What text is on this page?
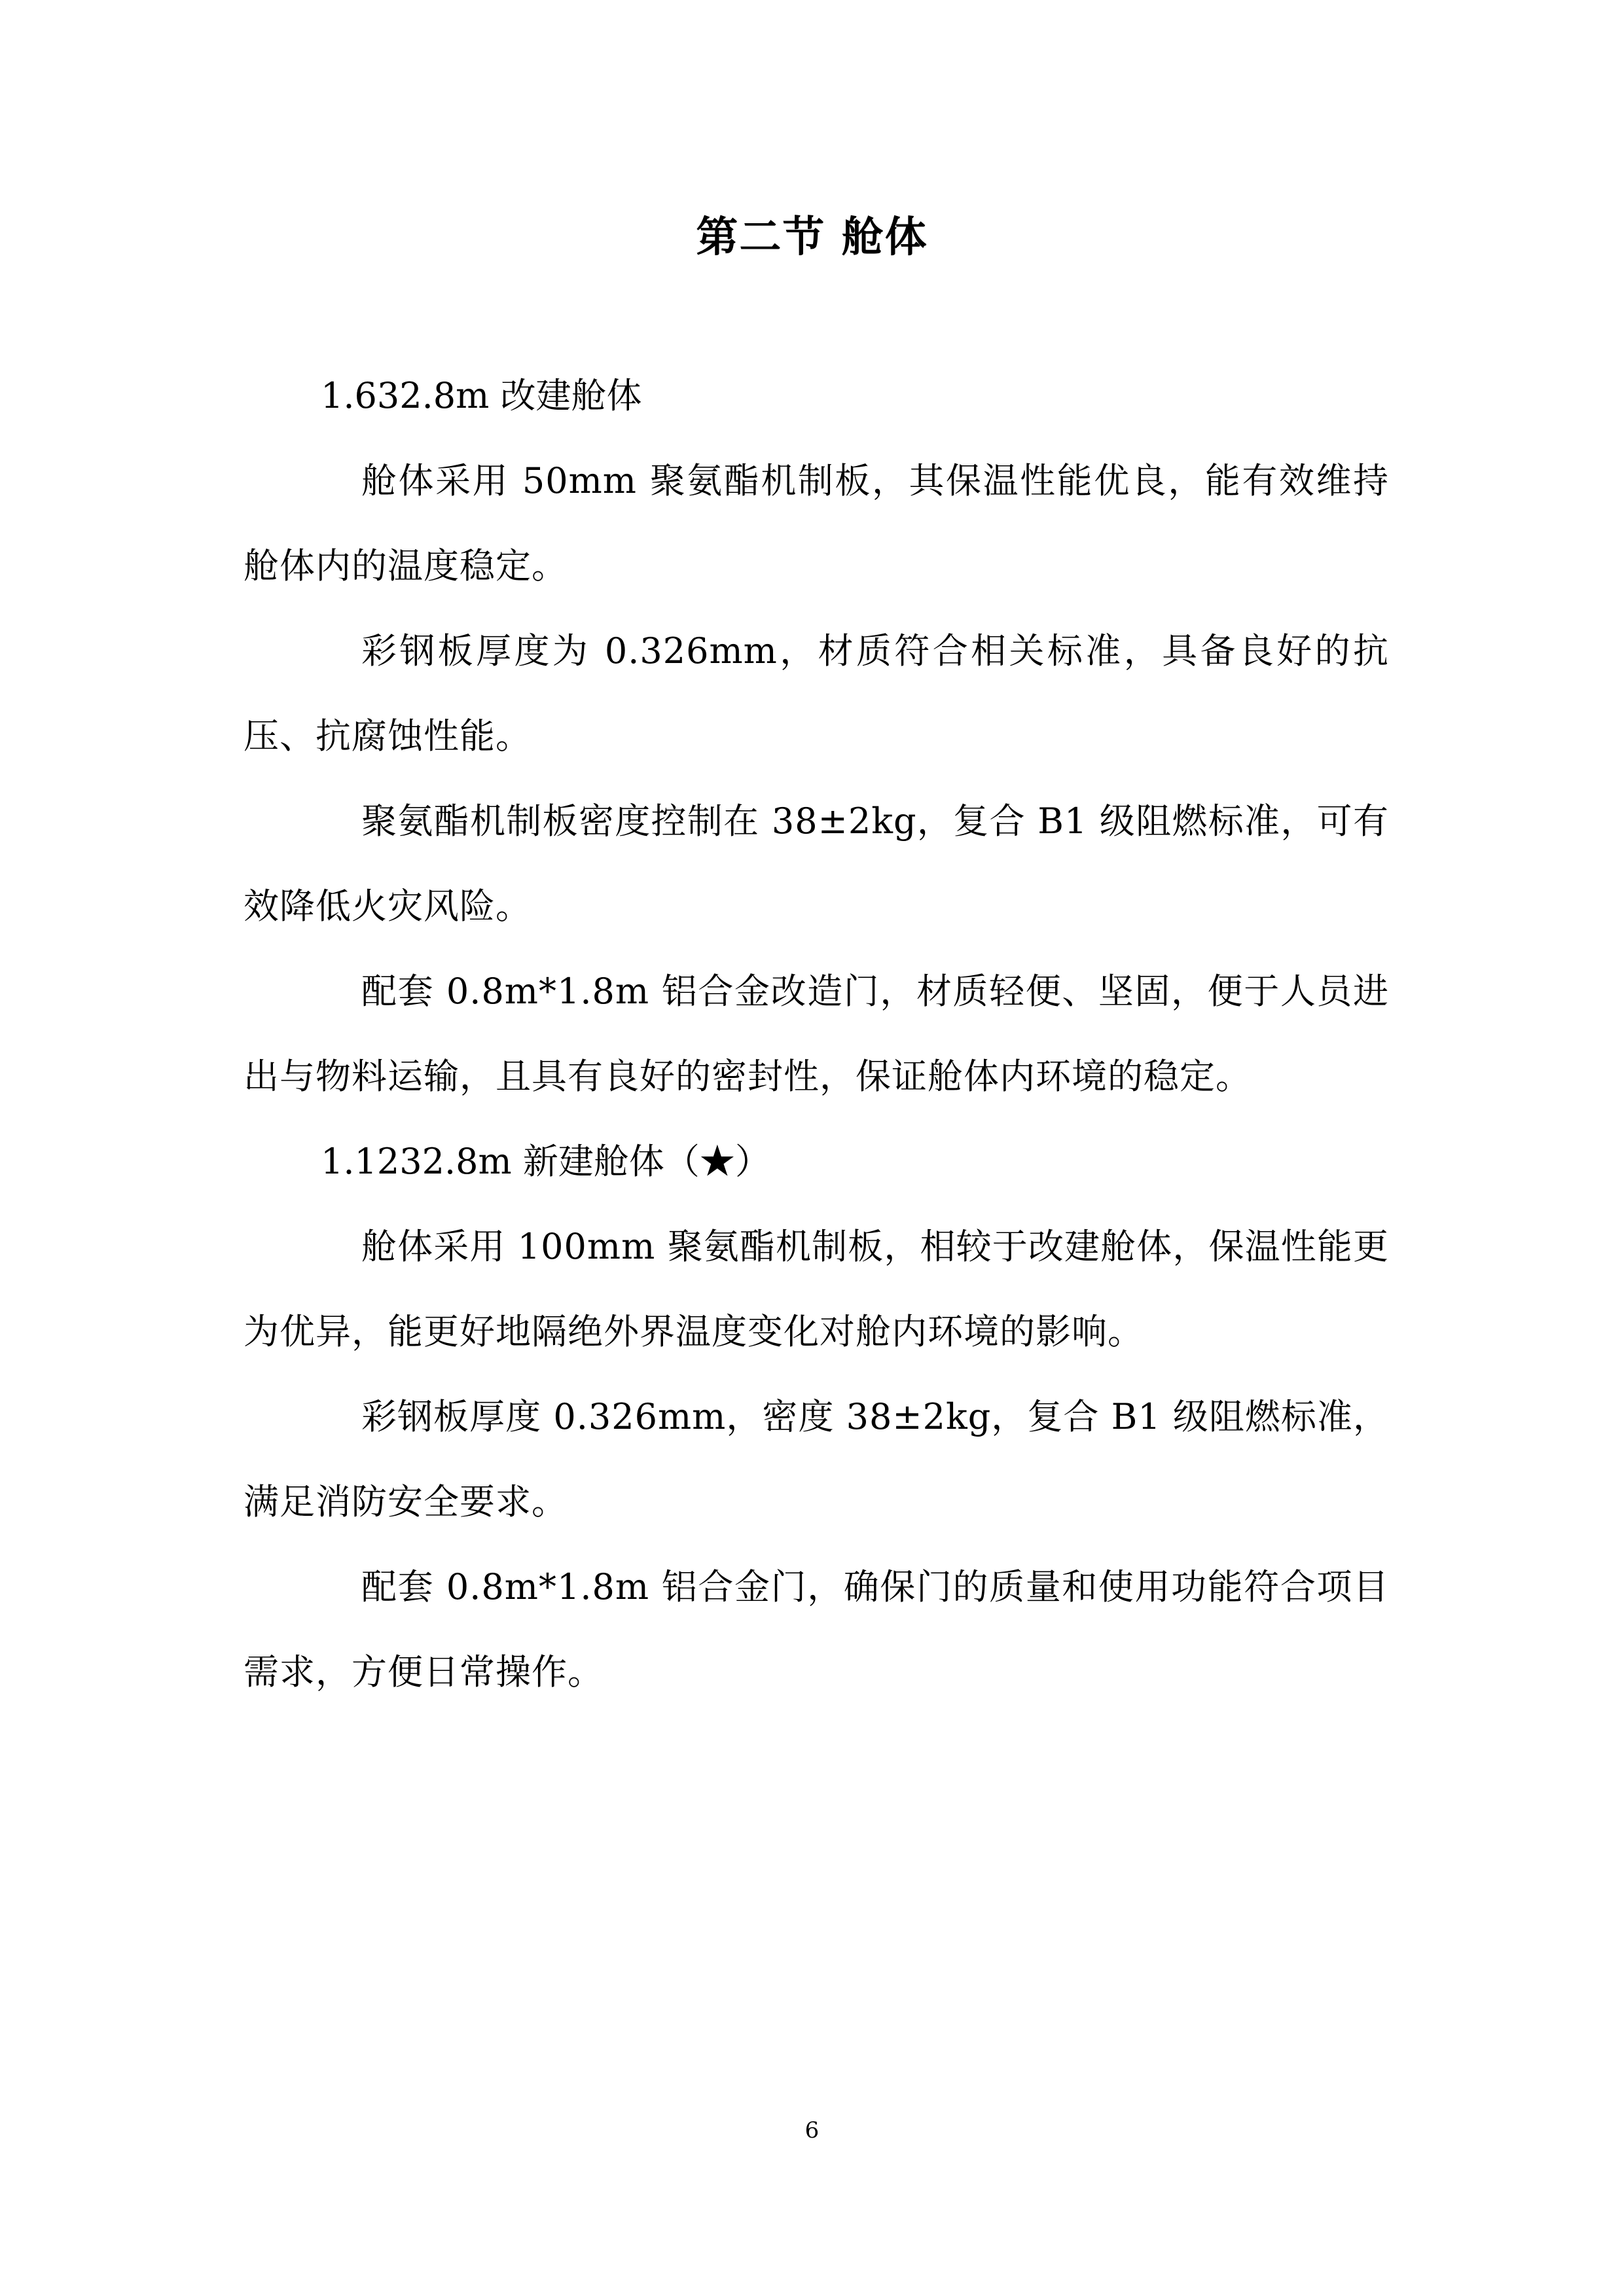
第二节 舱体

1.632.8m 改建舱体

舱体采用 50mm 聚氨酯机制板，其保温性能优良，能有效维持舱体内的温度稳定。

彩钢板厚度为 0.326mm，材质符合相关标准，具备良好的抗压、抗腐蚀性能。

聚氨酯机制板密度控制在 38±2kg，复合 B1 级阻燃标准，可有效降低火灾风险。

配套 0.8m*1.8m 铝合金改造门，材质轻便、坚固，便于人员进出与物料运输，且具有良好的密封性，保证舱体内环境的稳定。

1.1232.8m 新建舱体（★）

舱体采用 100mm 聚氨酯机制板，相较于改建舱体，保温性能更为优异，能更好地隔绝外界温度变化对舱内环境的影响。

彩钢板厚度 0.326mm，密度 38±2kg，复合 B1 级阻燃标准，满足消防安全要求。

配套 0.8m*1.8m 铝合金门，确保门的质量和使用功能符合项目需求，方便日常操作。

6
